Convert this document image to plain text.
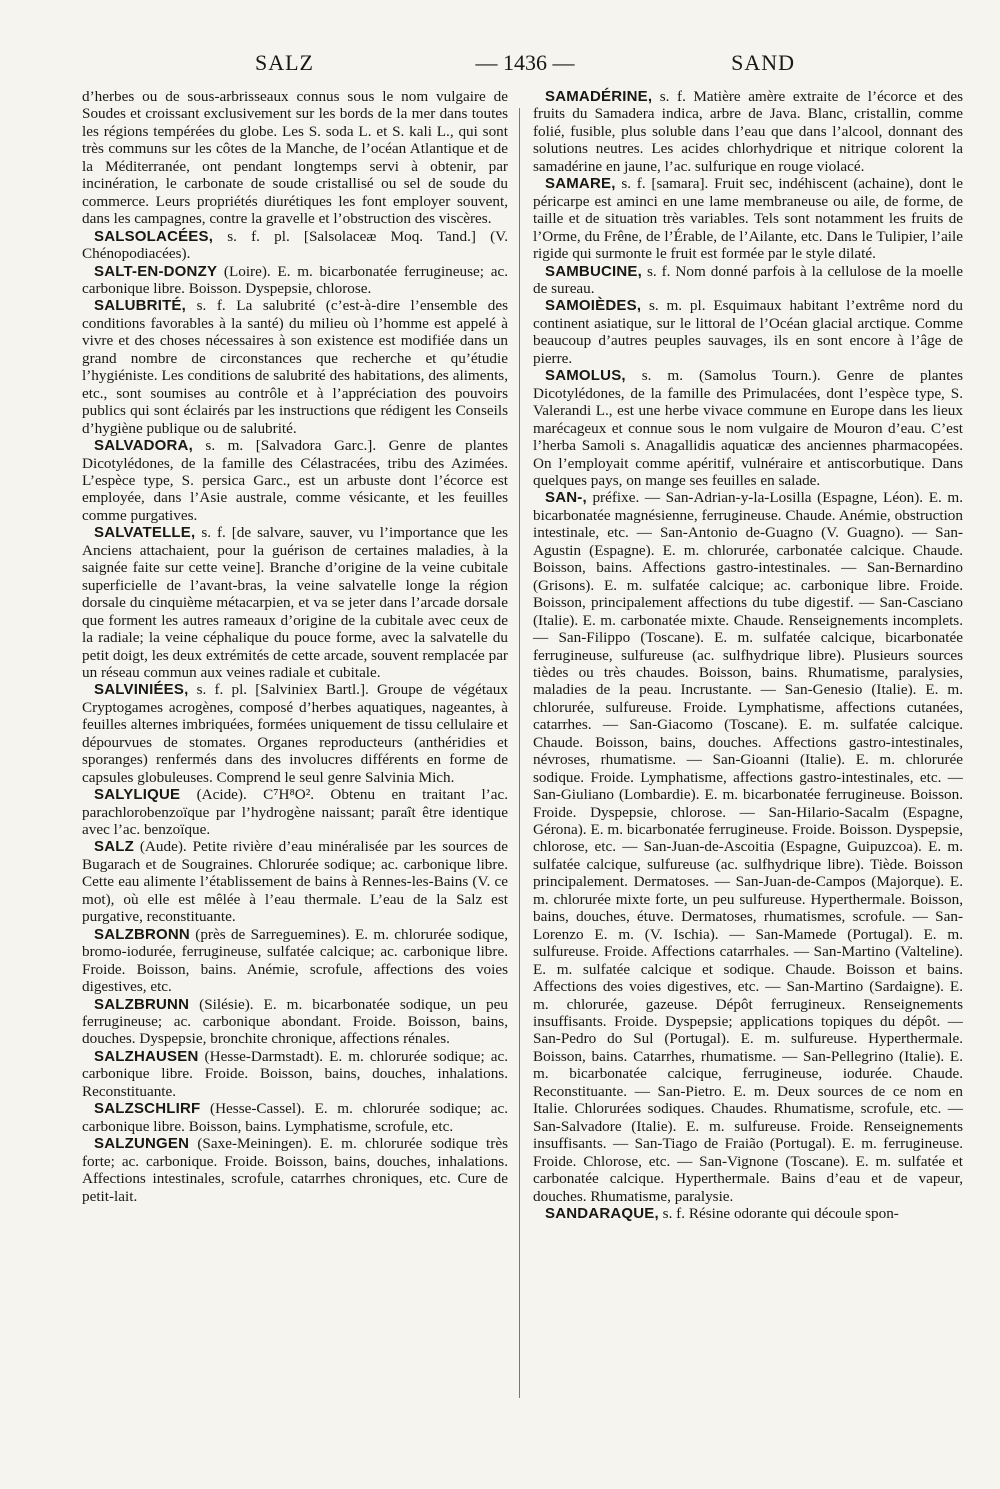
SALZ	— 1436 —	SAND

d’herbes ou de sous-arbrisseaux connus sous le nom vulgaire de Soudes et croissant exclusivement sur les bords de la mer dans toutes les régions tempérées du globe. Les S. soda L. et S. kali L., qui sont très communs sur les côtes de la Manche, de l’océan Atlantique et de la Méditerranée, ont pendant longtemps servi à obtenir, par incinération, le carbonate de soude cristallisé ou sel de soude du commerce. Leurs propriétés diurétiques les font employer souvent, dans les campagnes, contre la gravelle et l’obstruction des viscères.

SALSOLACÉES, s. f. pl. [Salsolaceæ Moq. Tand.] (V. Chénopodiacées).

SALT-EN-DONZY (Loire). E. m. bicarbonatée ferrugineuse; ac. carbonique libre. Boisson. Dyspepsie, chlorose.

SALUBRITÉ, s. f. La salubrité (c’est-à-dire l’ensemble des conditions favorables à la santé) du milieu où l’homme est appelé à vivre et des choses nécessaires à son existence est modifiée dans un grand nombre de circonstances que recherche et qu’étudie l’hygiéniste. Les conditions de salubrité des habitations, des aliments, etc., sont soumises au contrôle et à l’appréciation des pouvoirs publics qui sont éclairés par les instructions que rédigent les Conseils d’hygiène publique ou de salubrité.

SALVADORA, s. m. [Salvadora Garc.]. Genre de plantes Dicotylédones, de la famille des Célastracées, tribu des Azimées. L’espèce type, S. persica Garc., est un arbuste dont l’écorce est employée, dans l’Asie australe, comme vésicante, et les feuilles comme purgatives.

SALVATELLE, s. f. [de salvare, sauver, vu l’importance que les Anciens attachaient, pour la guérison de certaines maladies, à la saignée faite sur cette veine]. Branche d’origine de la veine cubitale superficielle de l’avant-bras, la veine salvatelle longe la région dorsale du cinquième métacarpien, et va se jeter dans l’arcade dorsale que forment les autres rameaux d’origine de la cubitale avec ceux de la radiale; la veine céphalique du pouce forme, avec la salvatelle du petit doigt, les deux extrémités de cette arcade, souvent remplacée par un réseau commun aux veines radiale et cubitale.

SALVINIÉES, s. f. pl. [Salviniex Bartl.]. Groupe de végétaux Cryptogames acrogènes, composé d’herbes aquatiques, nageantes, à feuilles alternes imbriquées, formées uniquement de tissu cellulaire et dépourvues de stomates. Organes reproducteurs (anthéridies et sporanges) renfermés dans des involucres différents en forme de capsules globuleuses. Comprend le seul genre Salvinia Mich.

SALYLIQUE (Acide). C⁷H⁸O². Obtenu en traitant l’ac. parachlorobenzoïque par l’hydrogène naissant; paraît être identique avec l’ac. benzoïque.

SALZ (Aude). Petite rivière d’eau minéralisée par les sources de Bugarach et de Sougraines. Chlorurée sodique; ac. carbonique libre. Cette eau alimente l’établissement de bains à Rennes-les-Bains (V. ce mot), où elle est mêlée à l’eau thermale. L’eau de la Salz est purgative, reconstituante.

SALZBRONN (près de Sarreguemines). E. m. chlorurée sodique, bromo-iodurée, ferrugineuse, sulfatée calcique; ac. carbonique libre. Froide. Boisson, bains. Anémie, scrofule, affections des voies digestives, etc.

SALZBRUNN (Silésie). E. m. bicarbonatée sodique, un peu ferrugineuse; ac. carbonique abondant. Froide. Boisson, bains, douches. Dyspepsie, bronchite chronique, affections rénales.

SALZHAUSEN (Hesse-Darmstadt). E. m. chlorurée sodique; ac. carbonique libre. Froide. Boisson, bains, douches, inhalations. Reconstituante.

SALZSCHLIRF (Hesse-Cassel). E. m. chlorurée sodique; ac. carbonique libre. Boisson, bains. Lymphatisme, scrofule, etc.

SALZUNGEN (Saxe-Meiningen). E. m. chlorurée sodique très forte; ac. carbonique. Froide. Boisson, bains, douches, inhalations. Affections intestinales, scrofule, catarrhes chroniques, etc. Cure de petit-lait.

SAMADÉRINE, s. f. Matière amère extraite de l’écorce et des fruits du Samadera indica, arbre de Java. Blanc, cristallin, comme folié, fusible, plus soluble dans l’eau que dans l’alcool, donnant des solutions neutres. Les acides chlorhydrique et nitrique colorent la samadérine en jaune, l’ac. sulfurique en rouge violacé.

SAMARE, s. f. [samara]. Fruit sec, indéhiscent (achaine), dont le péricarpe est aminci en une lame membraneuse ou aile, de forme, de taille et de situation très variables. Tels sont notamment les fruits de l’Orme, du Frêne, de l’Érable, de l’Ailante, etc. Dans le Tulipier, l’aile rigide qui surmonte le fruit est formée par le style dilaté.

SAMBUCINE, s. f. Nom donné parfois à la cellulose de la moelle de sureau.

SAMOIÈDES, s. m. pl. Esquimaux habitant l’extrême nord du continent asiatique, sur le littoral de l’Océan glacial arctique. Comme beaucoup d’autres peuples sauvages, ils en sont encore à l’âge de pierre.

SAMOLUS, s. m. (Samolus Tourn.). Genre de plantes Dicotylédones, de la famille des Primulacées, dont l’espèce type, S. Valerandi L., est une herbe vivace commune en Europe dans les lieux marécageux et connue sous le nom vulgaire de Mouron d’eau. C’est l’herba Samoli s. Anagallidis aquaticæ des anciennes pharmacopées. On l’employait comme apéritif, vulnéraire et antiscorbutique. Dans quelques pays, on mange ses feuilles en salade.

SAN-, préfixe. — San-Adrian-y-la-Losilla (Espagne, Léon). E. m. bicarbonatée magnésienne, ferrugineuse. Chaude. Anémie, obstruction intestinale, etc. — San-Antonio de-Guagno (V. Guagno). — San-Agustin (Espagne). E. m. chlorurée, carbonatée calcique. Chaude. Boisson, bains. Affections gastro-intestinales. — San-Bernardino (Grisons). E. m. sulfatée calcique; ac. carbonique libre. Froide. Boisson, principalement affections du tube digestif. — San-Casciano (Italie). E. m. carbonatée mixte. Chaude. Renseignements incomplets. — San-Filippo (Toscane). E. m. sulfatée calcique, bicarbonatée ferrugineuse, sulfureuse (ac. sulfhydrique libre). Plusieurs sources tièdes ou très chaudes. Boisson, bains. Rhumatisme, paralysies, maladies de la peau. Incrustante. — San-Genesio (Italie). E. m. chlorurée, sulfureuse. Froide. Lymphatisme, affections cutanées, catarrhes. — San-Giacomo (Toscane). E. m. sulfatée calcique. Chaude. Boisson, bains, douches. Affections gastro-intestinales, névroses, rhumatisme. — San-Gioanni (Italie). E. m. chlorurée sodique. Froide. Lymphatisme, affections gastro-intestinales, etc. — San-Giuliano (Lombardie). E. m. bicarbonatée ferrugineuse. Boisson. Froide. Dyspepsie, chlorose. — San-Hilario-Sacalm (Espagne, Gérona). E. m. bicarbonatée ferrugineuse. Froide. Boisson. Dyspepsie, chlorose, etc. — San-Juan-de-Ascoitia (Espagne, Guipuzcoa). E. m. sulfatée calcique, sulfureuse (ac. sulfhydrique libre). Tiède. Boisson principalement. Dermatoses. — San-Juan-de-Campos (Majorque). E. m. chlorurée mixte forte, un peu sulfureuse. Hyperthermale. Boisson, bains, douches, étuve. Dermatoses, rhumatismes, scrofule. — San-Lorenzo E. m. (V. Ischia). — San-Mamede (Portugal). E. m. sulfureuse. Froide. Affections catarrhales. — San-Martino (Valteline). E. m. sulfatée calcique et sodique. Chaude. Boisson et bains. Affections des voies digestives, etc. — San-Martino (Sardaigne). E. m. chlorurée, gazeuse. Dépôt ferrugineux. Renseignements insuffisants. Froide. Dyspepsie; applications topiques du dépôt. — San-Pedro do Sul (Portugal). E. m. sulfureuse. Hyperthermale. Boisson, bains. Catarrhes, rhumatisme. — San-Pellegrino (Italie). E. m. bicarbonatée calcique, ferrugineuse, iodurée. Chaude. Reconstituante. — San-Pietro. E. m. Deux sources de ce nom en Italie. Chlorurées sodiques. Chaudes. Rhumatisme, scrofule, etc. — San-Salvadore (Italie). E. m. sulfureuse. Froide. Renseignements insuffisants. — San-Tiago de Fraião (Portugal). E. m. ferrugineuse. Froide. Chlorose, etc. — San-Vignone (Toscane). E. m. sulfatée et carbonatée calcique. Hyperthermale. Bains d’eau et de vapeur, douches. Rhumatisme, paralysie.

SANDARAQUE, s. f. Résine odorante qui découle spon-
